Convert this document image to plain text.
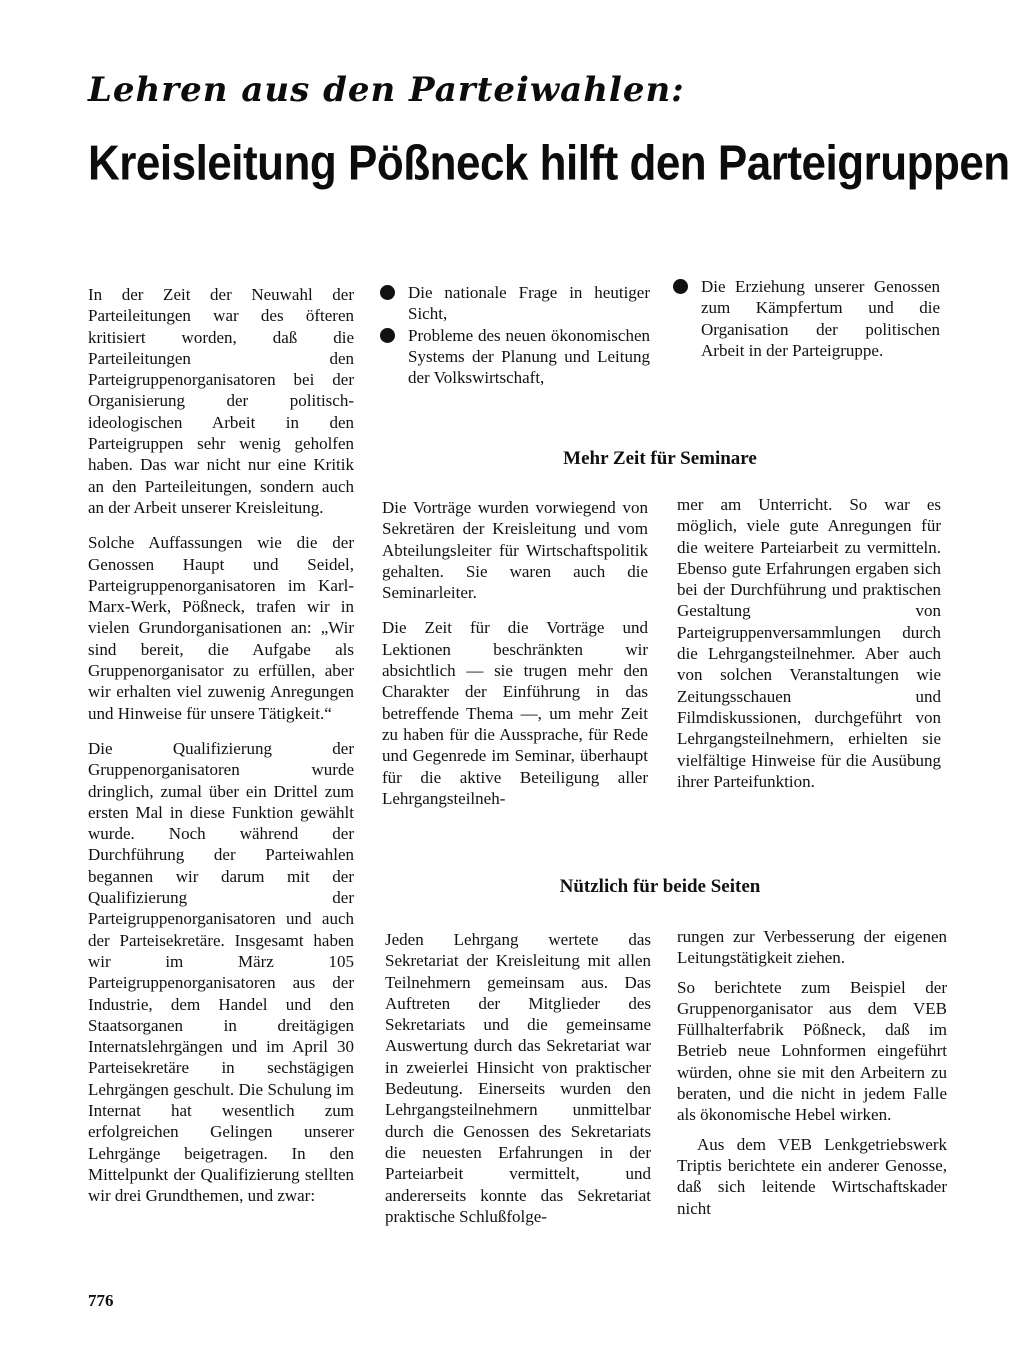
Lehren aus den Parteiwahlen:
Kreisleitung Pößneck hilft den Parteigruppen

In der Zeit der Neuwahl der Parteileitungen war des öfteren kritisiert worden, daß die Parteileitungen den Parteigruppenorganisatoren bei der Organisierung der politisch-ideologischen Arbeit in den Parteigruppen sehr wenig geholfen haben. Das war nicht nur eine Kritik an den Parteileitungen, sondern auch an der Arbeit unserer Kreisleitung.

Solche Auffassungen wie die der Genossen Haupt und Seidel, Parteigruppenorganisatoren im Karl-Marx-Werk, Pößneck, trafen wir in vielen Grundorganisationen an: „Wir sind bereit, die Aufgabe als Gruppenorganisator zu erfüllen, aber wir erhalten viel zuwenig Anregungen und Hinweise für unsere Tätigkeit.“

Die Qualifizierung der Gruppenorganisatoren wurde dringlich, zumal über ein Drittel zum ersten Mal in diese Funktion gewählt wurde. Noch während der Durchführung der Parteiwahlen begannen wir darum mit der Qualifizierung der Parteigruppenorganisatoren und auch der Parteisekretäre. Insgesamt haben wir im März 105 Parteigruppenorganisatoren aus der Industrie, dem Handel und den Staatsorganen in dreitägigen Internatslehrgängen und im April 30 Parteisekretäre in sechstägigen Lehrgängen geschult. Die Schulung im Internat hat wesentlich zum erfolgreichen Gelingen unserer Lehrgänge beigetragen. In den Mittelpunkt der Qualifizierung stellten wir drei Grundthemen, und zwar:

Die nationale Frage in heutiger Sicht,
Probleme des neuen ökonomischen Systems der Planung und Leitung der Volkswirtschaft,
Die Erziehung unserer Genossen zum Kämpfertum und die Organisation der politischen Arbeit in der Parteigruppe.
Mehr Zeit für Seminare

Die Vorträge wurden vorwiegend von Sekretären der Kreisleitung und vom Abteilungsleiter für Wirtschaftspolitik gehalten. Sie waren auch die Seminarleiter.

Die Zeit für die Vorträge und Lektionen beschränkten wir absichtlich — sie trugen mehr den Charakter der Einführung in das betreffende Thema —, um mehr Zeit zu haben für die Aussprache, für Rede und Gegenrede im Seminar, überhaupt für die aktive Beteiligung aller Lehrgangsteilneh-

mer am Unterricht. So war es möglich, viele gute Anregungen für die weitere Parteiarbeit zu vermitteln. Ebenso gute Erfahrungen ergaben sich bei der Durchführung und praktischen Gestaltung von Parteigruppenversammlungen durch die Lehrgangsteilnehmer. Aber auch von solchen Veranstaltungen wie Zeitungsschauen und Filmdiskussionen, durchgeführt von Lehrgangsteilnehmern, erhielten sie vielfältige Hinweise für die Ausübung ihrer Parteifunktion.

Nützlich für beide Seiten

Jeden Lehrgang wertete das Sekretariat der Kreisleitung mit allen Teilnehmern gemeinsam aus. Das Auftreten der Mitglieder des Sekretariats und die gemeinsame Auswertung durch das Sekretariat war in zweierlei Hinsicht von praktischer Bedeutung. Einerseits wurden den Lehrgangsteilnehmern unmittelbar durch die Genossen des Sekretariats die neuesten Erfahrungen in der Parteiarbeit vermittelt, und andererseits konnte das Sekretariat praktische Schlußfolge-

rungen zur Verbesserung der eigenen Leitungstätigkeit ziehen.

So berichtete zum Beispiel der Gruppenorganisator aus dem VEB Füllhalterfabrik Pößneck, daß im Betrieb neue Lohnformen eingeführt würden, ohne sie mit den Arbeitern zu beraten, und die nicht in jedem Falle als ökonomische Hebel wirken.

Aus dem VEB Lenkgetriebswerk Triptis berichtete ein anderer Genosse, daß sich leitende Wirtschaftskader nicht

776
